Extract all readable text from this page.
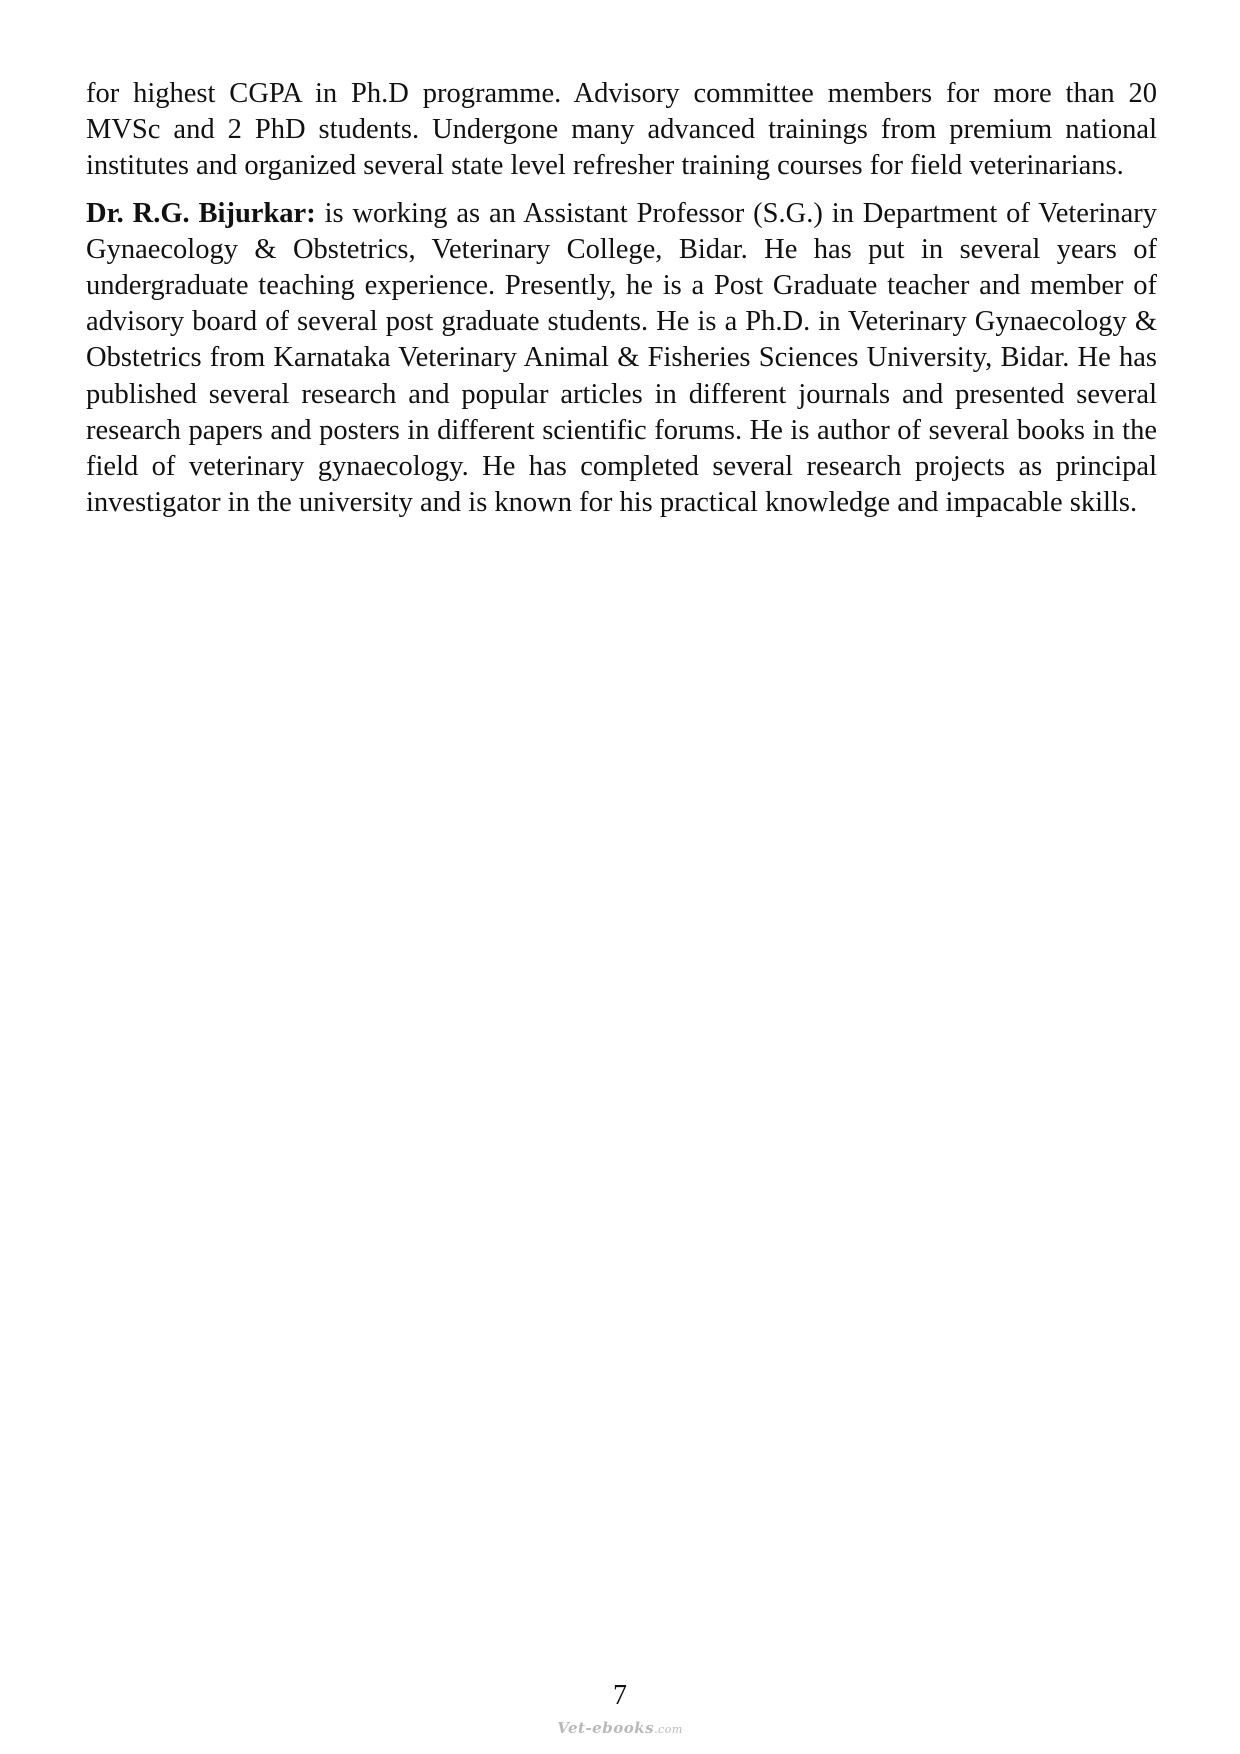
for highest CGPA in Ph.D programme. Advisory committee members for more than 20 MVSc and 2 PhD students. Undergone many advanced trainings from premium national institutes and organized several state level refresher training courses for field veterinarians.

Dr. R.G. Bijurkar: is working as an Assistant Professor (S.G.) in Department of Veterinary Gynaecology & Obstetrics, Veterinary College, Bidar. He has put in several years of undergraduate teaching experience. Presently, he is a Post Graduate teacher and member of advisory board of several post graduate students. He is a Ph.D. in Veterinary Gynaecology & Obstetrics from Karnataka Veterinary Animal & Fisheries Sciences University, Bidar. He has published several research and popular articles in different journals and presented several research papers and posters in different scientific forums. He is author of several books in the field of veterinary gynaecology. He has completed several research projects as principal investigator in the university and is known for his practical knowledge and impacable skills.

7
Vet-ebooks.com
